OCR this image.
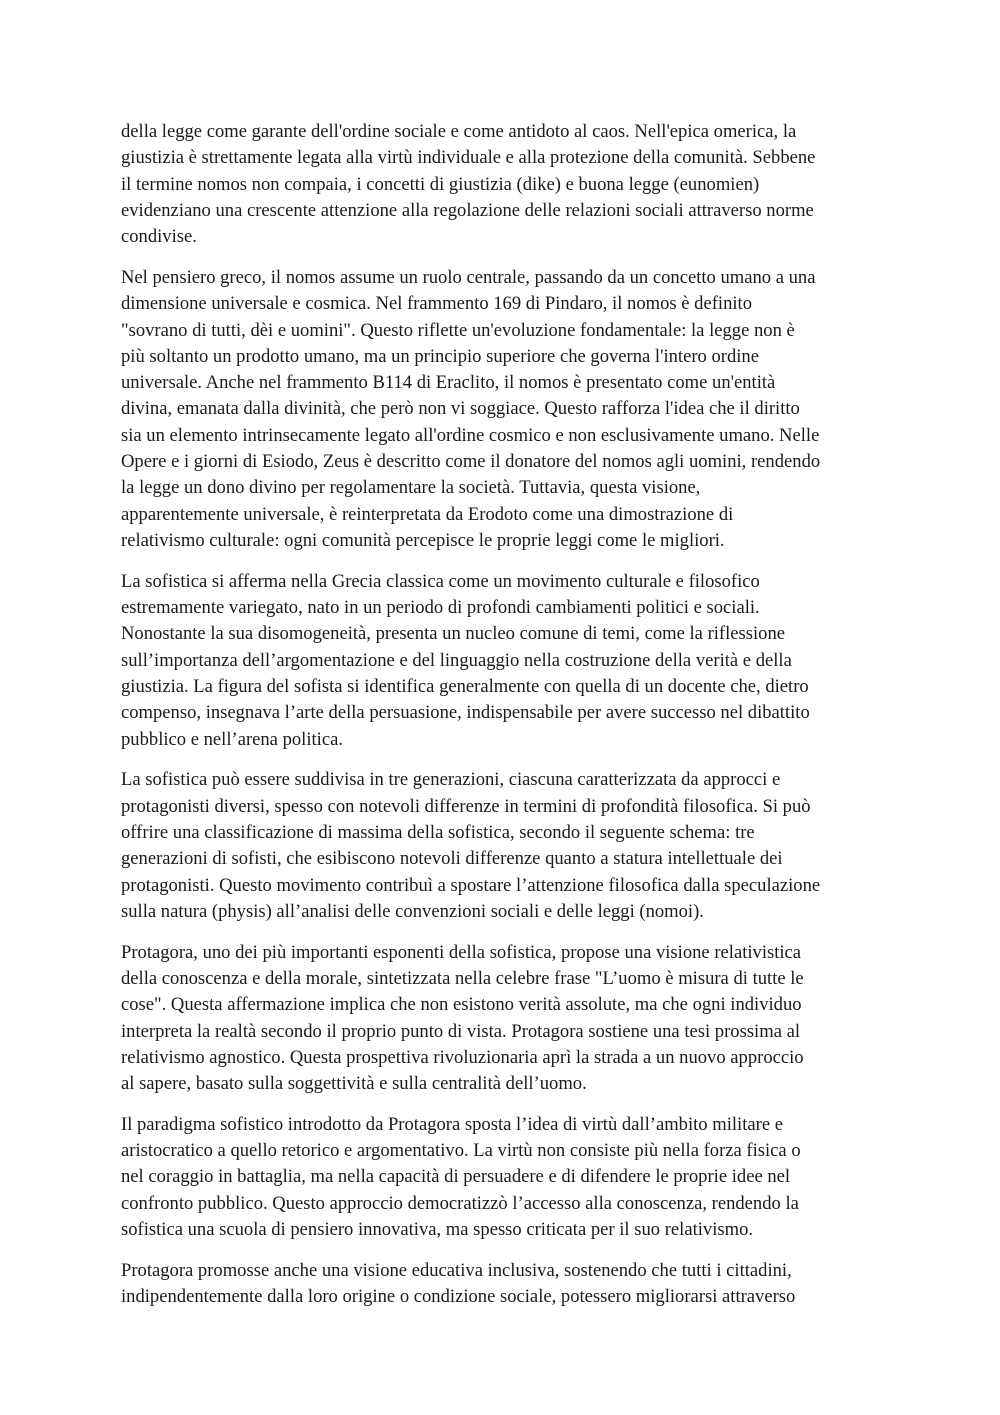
della legge come garante dell'ordine sociale e come antidoto al caos. Nell'epica omerica, la
giustizia è strettamente legata alla virtù individuale e alla protezione della comunità. Sebbene
il termine nomos non compaia, i concetti di giustizia (dike) e buona legge (eunomien)
evidenziano una crescente attenzione alla regolazione delle relazioni sociali attraverso norme
condivise.

Nel pensiero greco, il nomos assume un ruolo centrale, passando da un concetto umano a una
dimensione universale e cosmica. Nel frammento 169 di Pindaro, il nomos è definito
"sovrano di tutti, dèi e uomini". Questo riflette un'evoluzione fondamentale: la legge non è
più soltanto un prodotto umano, ma un principio superiore che governa l'intero ordine
universale. Anche nel frammento B114 di Eraclito, il nomos è presentato come un'entità
divina, emanata dalla divinità, che però non vi soggiace. Questo rafforza l'idea che il diritto
sia un elemento intrinsecamente legato all'ordine cosmico e non esclusivamente umano. Nelle
Opere e i giorni di Esiodo, Zeus è descritto come il donatore del nomos agli uomini, rendendo
la legge un dono divino per regolamentare la società. Tuttavia, questa visione,
apparentemente universale, è reinterpretata da Erodoto come una dimostrazione di
relativismo culturale: ogni comunità percepisce le proprie leggi come le migliori.

La sofistica si afferma nella Grecia classica come un movimento culturale e filosofico
estremamente variegato, nato in un periodo di profondi cambiamenti politici e sociali.
Nonostante la sua disomogeneità, presenta un nucleo comune di temi, come la riflessione
sull’importanza dell’argomentazione e del linguaggio nella costruzione della verità e della
giustizia. La figura del sofista si identifica generalmente con quella di un docente che, dietro
compenso, insegnava l’arte della persuasione, indispensabile per avere successo nel dibattito
pubblico e nell’arena politica.

La sofistica può essere suddivisa in tre generazioni, ciascuna caratterizzata da approcci e
protagonisti diversi, spesso con notevoli differenze in termini di profondità filosofica. Si può
offrire una classificazione di massima della sofistica, secondo il seguente schema: tre
generazioni di sofisti, che esibiscono notevoli differenze quanto a statura intellettuale dei
protagonisti. Questo movimento contribuì a spostare l’attenzione filosofica dalla speculazione
sulla natura (physis) all’analisi delle convenzioni sociali e delle leggi (nomoi).

Protagora, uno dei più importanti esponenti della sofistica, propose una visione relativistica
della conoscenza e della morale, sintetizzata nella celebre frase "L’uomo è misura di tutte le
cose". Questa affermazione implica che non esistono verità assolute, ma che ogni individuo
interpreta la realtà secondo il proprio punto di vista. Protagora sostiene una tesi prossima al
relativismo agnostico. Questa prospettiva rivoluzionaria aprì la strada a un nuovo approccio
al sapere, basato sulla soggettività e sulla centralità dell’uomo.

Il paradigma sofistico introdotto da Protagora sposta l’idea di virtù dall’ambito militare e
aristocratico a quello retorico e argomentativo. La virtù non consiste più nella forza fisica o
nel coraggio in battaglia, ma nella capacità di persuadere e di difendere le proprie idee nel
confronto pubblico. Questo approccio democratizzò l’accesso alla conoscenza, rendendo la
sofistica una scuola di pensiero innovativa, ma spesso criticata per il suo relativismo.

Protagora promosse anche una visione educativa inclusiva, sostenendo che tutti i cittadini,
indipendentemente dalla loro origine o condizione sociale, potessero migliorarsi attraverso
